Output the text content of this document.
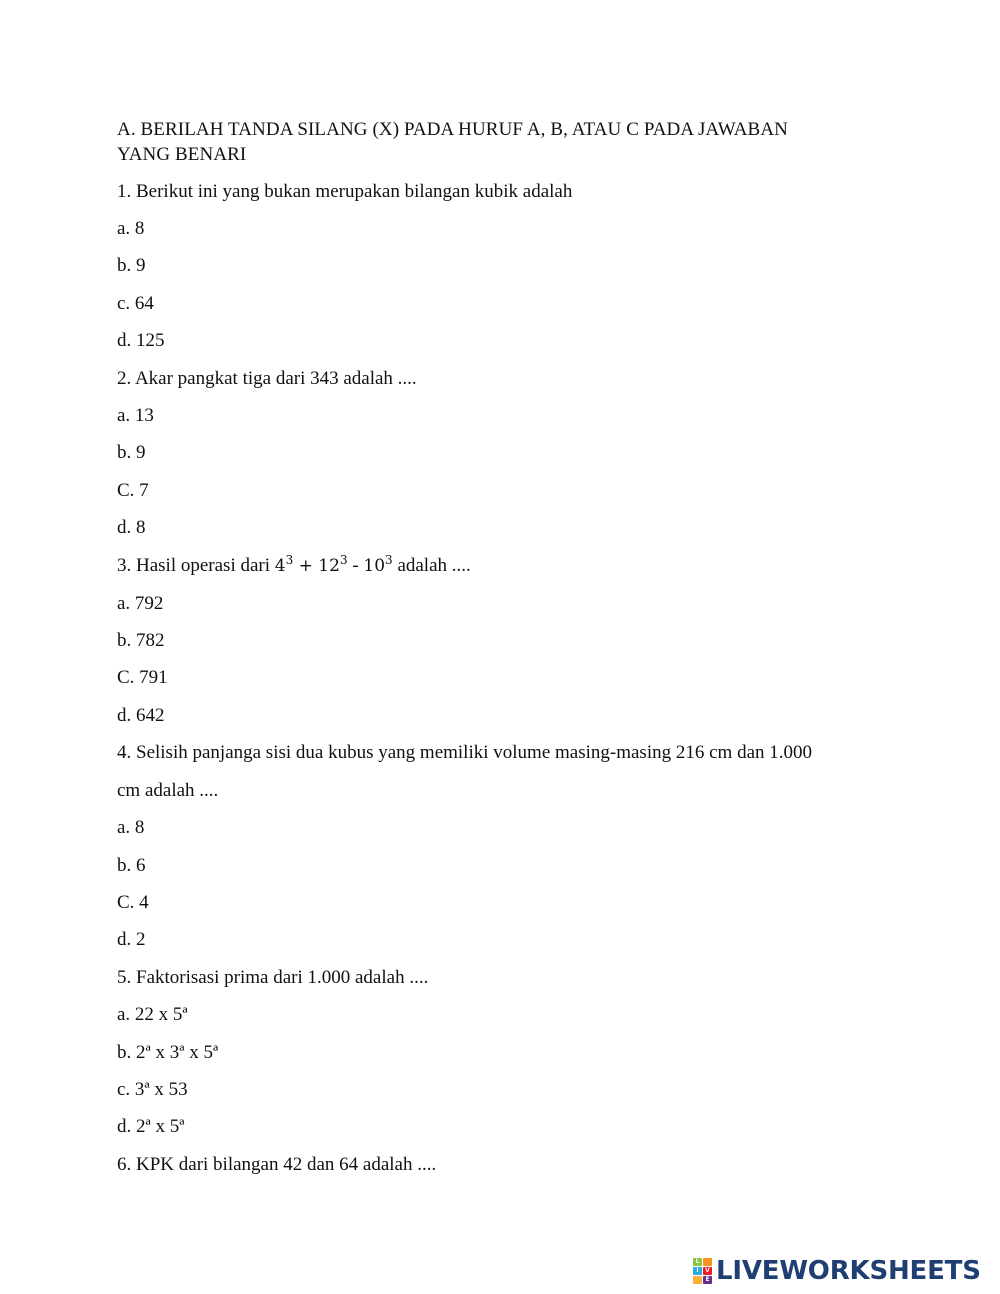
A. BERILAH TANDA SILANG (X) PADA HURUF A, B, ATAU C PADA JAWABAN
YANG BENARI
1. Berikut ini yang bukan merupakan bilangan kubik adalah
a. 8
b. 9
c. 64
d. 125
2. Akar pangkat tiga dari 343 adalah ....
a. 13
b. 9
C. 7
d. 8
3. Hasil operasi dari $4^3 + 12^3 - 10^3$ adalah ....
a. 792
b. 782
C. 791
d. 642
4. Selisih panjanga sisi dua kubus yang memiliki volume masing-masing 216 cm dan 1.000
cm adalah ....
a. 8
b. 6
C. 4
d. 2
5. Faktorisasi prima dari 1.000 adalah ....
a. 22 x 5ª
b. 2ª x 3ª x 5ª
c. 3ª x 53
d. 2ª x 5ª
6. KPK dari bilangan 42 dan 64 adalah ....
L
I	V
E LIVEWORKSHEETS
